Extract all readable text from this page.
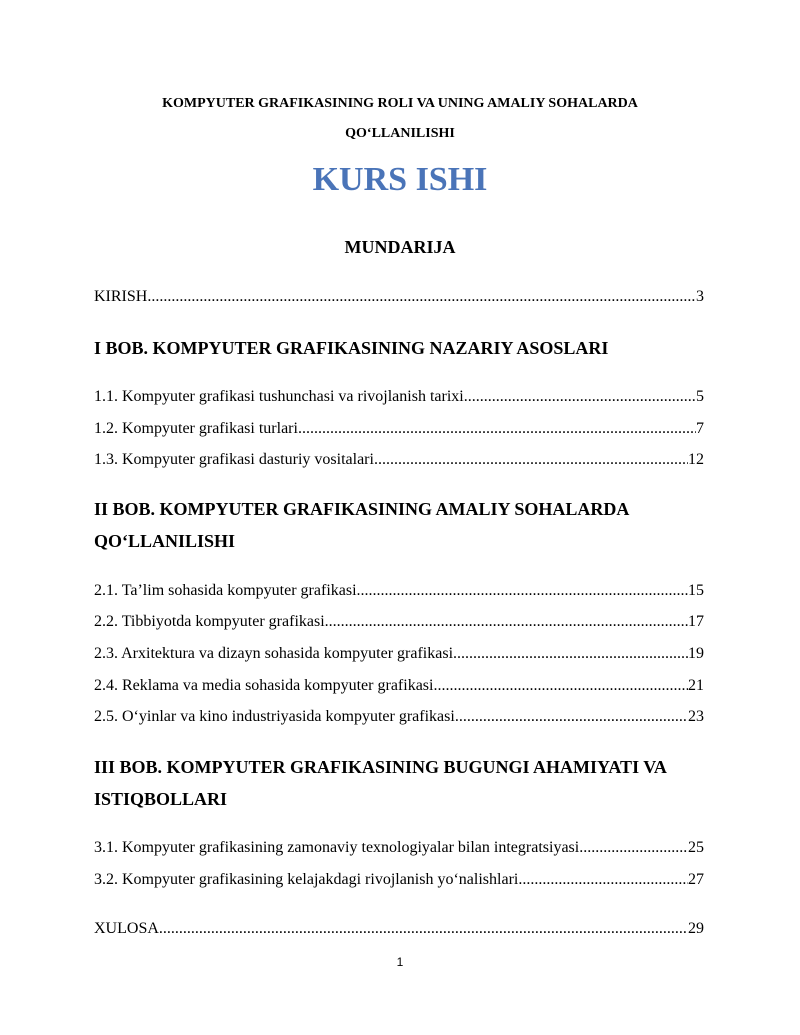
KOMPYUTER GRAFIKASINING ROLI VA UNING AMALIY SOHALARDA
QO‘LLANILISHI
KURS ISHI
MUNDARIJA
KIRISH	3
.....
I BOB. KOMPYUTER GRAFIKASINING NAZARIY ASOSLARI
1.1. Kompyuter grafikasi tushunchasi va rivojlanish tarixi	5
.....
1.2. Kompyuter grafikasi turlari	7
.....
1.3. Kompyuter grafikasi dasturiy vositalari	12
.....
II BOB. KOMPYUTER GRAFIKASINING AMALIY SOHALARDA
QO‘LLANILISHI
2.1. Ta’lim sohasida kompyuter grafikasi	15
.....
2.2. Tibbiyotda kompyuter grafikasi	17
.....
2.3. Arxitektura va dizayn sohasida kompyuter grafikasi	19
.....
2.4. Reklama va media sohasida kompyuter grafikasi	21
.....
2.5. O‘yinlar va kino industriyasida kompyuter grafikasi	23
.....
III BOB. KOMPYUTER GRAFIKASINING BUGUNGI AHAMIYATI VA
ISTIQBOLLARI
3.1. Kompyuter grafikasining zamonaviy texnologiyalar bilan integratsiyasi	25
.....
3.2. Kompyuter grafikasining kelajakdagi rivojlanish yo‘nalishlari	27
.....
XULOSA	29
.....
1
